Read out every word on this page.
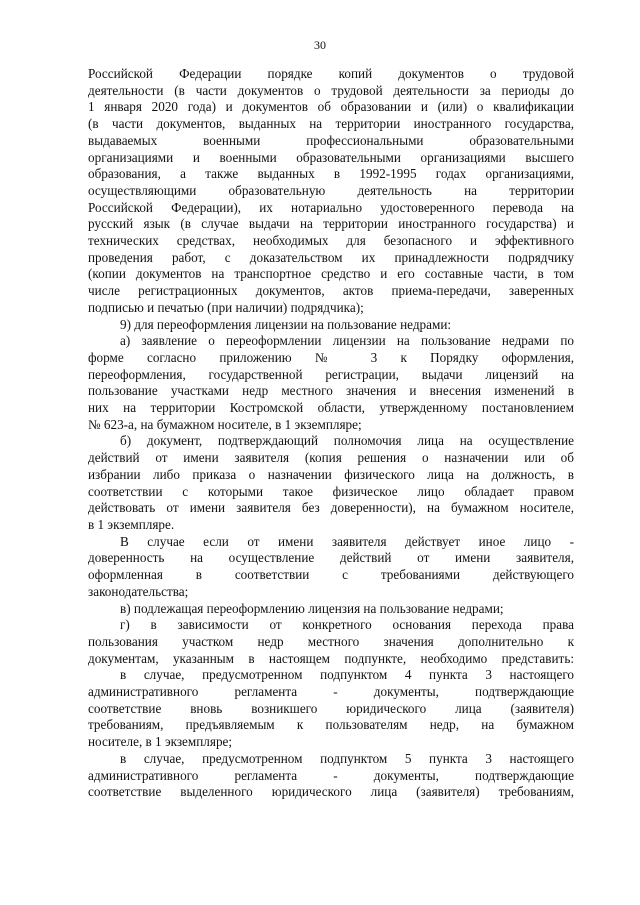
30
Российской Федерации порядке копий документов о трудовой
деятельности (в части документов о трудовой деятельности за периоды до
1 января 2020 года) и документов об образовании и (или) о квалификации
(в части документов, выданных на территории иностранного государства,
выдаваемых военными профессиональными образовательными
организациями и военными образовательными организациями высшего
образования, а также выданных в 1992-1995 годах организациями,
осуществляющими образовательную деятельность на территории
Российской Федерации), их нотариально удостоверенного перевода на
русский язык (в случае выдачи на территории иностранного государства) и
технических средствах, необходимых для безопасного и эффективного
проведения работ, с доказательством их принадлежности подрядчику
(копии документов на транспортное средство и его составные части, в том
числе регистрационных документов, актов приема-передачи, заверенных
подписью и печатью (при наличии) подрядчика);
9) для переоформления лицензии на пользование недрами:
а) заявление о переоформлении лицензии на пользование недрами по
форме согласно приложению № 3 к Порядку оформления,
переоформления, государственной регистрации, выдачи лицензий на
пользование участками недр местного значения и внесения изменений в
них на территории Костромской области, утвержденному постановлением
№ 623-а, на бумажном носителе, в 1 экземпляре;
б) документ, подтверждающий полномочия лица на осуществление
действий от имени заявителя (копия решения о назначении или об
избрании либо приказа о назначении физического лица на должность, в
соответствии с которыми такое физическое лицо обладает правом
действовать от имени заявителя без доверенности), на бумажном носителе,
в 1 экземпляре.
В случае если от имени заявителя действует иное лицо -
доверенность на осуществление действий от имени заявителя,
оформленная в соответствии с требованиями действующего
законодательства;
в) подлежащая переоформлению лицензия на пользование недрами;
г) в зависимости от конкретного основания перехода права
пользования участком недр местного значения дополнительно к
документам, указанным в настоящем подпункте, необходимо представить:
в случае, предусмотренном подпунктом 4 пункта 3 настоящего
административного регламента - документы, подтверждающие
соответствие вновь возникшего юридического лица (заявителя)
требованиям, предъявляемым к пользователям недр, на бумажном
носителе, в 1 экземпляре;
в случае, предусмотренном подпунктом 5 пункта 3 настоящего
административного регламента - документы, подтверждающие
соответствие выделенного юридического лица (заявителя) требованиям,
